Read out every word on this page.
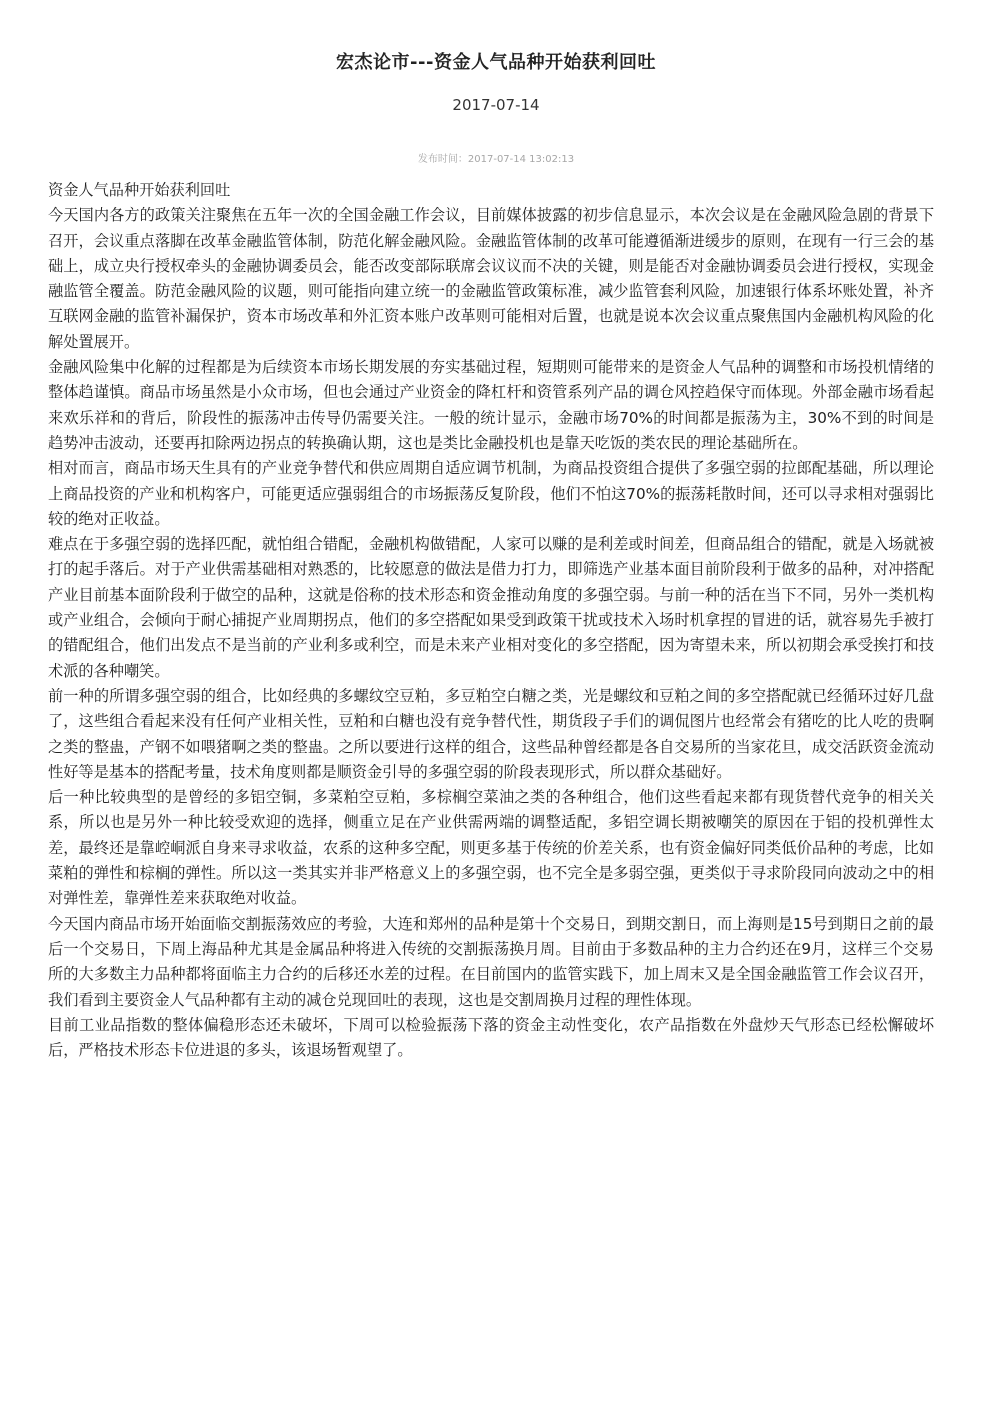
宏杰论市---资金人气品种开始获利回吐
2017-07-14
发布时间：2017-07-14 13:02:13

资金人气品种开始获利回吐

今天国内各方的政策关注聚焦在五年一次的全国金融工作会议，目前媒体披露的初步信息显示，本次会议是在金融风险急剧的背景下召开，会议重点落脚在改革金融监管体制，防范化解金融风险。金融监管体制的改革可能遵循渐进缓步的原则，在现有一行三会的基础上，成立央行授权牵头的金融协调委员会，能否改变部际联席会议议而不决的关键，则是能否对金融协调委员会进行授权，实现金融监管全覆盖。防范金融风险的议题，则可能指向建立统一的金融监管政策标准，减少监管套利风险，加速银行体系坏账处置，补齐互联网金融的监管补漏保护，资本市场改革和外汇资本账户改革则可能相对后置，也就是说本次会议重点聚焦国内金融机构风险的化解处置展开。

金融风险集中化解的过程都是为后续资本市场长期发展的夯实基础过程，短期则可能带来的是资金人气品种的调整和市场投机情绪的整体趋谨慎。商品市场虽然是小众市场，但也会通过产业资金的降杠杆和资管系列产品的调仓风控趋保守而体现。外部金融市场看起来欢乐祥和的背后，阶段性的振荡冲击传导仍需要关注。一般的统计显示，金融市场70%的时间都是振荡为主，30%不到的时间是趋势冲击波动，还要再扣除两边拐点的转换确认期，这也是类比金融投机也是靠天吃饭的类农民的理论基础所在。

相对而言，商品市场天生具有的产业竞争替代和供应周期自适应调节机制，为商品投资组合提供了多强空弱的拉郎配基础，所以理论上商品投资的产业和机构客户，可能更适应强弱组合的市场振荡反复阶段，他们不怕这70%的振荡耗散时间，还可以寻求相对强弱比较的绝对正收益。

难点在于多强空弱的选择匹配，就怕组合错配，金融机构做错配，人家可以赚的是利差或时间差，但商品组合的错配，就是入场就被打的起手落后。对于产业供需基础相对熟悉的，比较愿意的做法是借力打力，即筛选产业基本面目前阶段利于做多的品种，对冲搭配产业目前基本面阶段利于做空的品种，这就是俗称的技术形态和资金推动角度的多强空弱。与前一种的活在当下不同，另外一类机构或产业组合，会倾向于耐心捕捉产业周期拐点，他们的多空搭配如果受到政策干扰或技术入场时机拿捏的冒进的话，就容易先手被打的错配组合，他们出发点不是当前的产业利多或利空，而是未来产业相对变化的多空搭配，因为寄望未来，所以初期会承受挨打和技术派的各种嘲笑。

前一种的所谓多强空弱的组合，比如经典的多螺纹空豆粕，多豆粕空白糖之类，光是螺纹和豆粕之间的多空搭配就已经循环过好几盘了，这些组合看起来没有任何产业相关性，豆粕和白糖也没有竞争替代性，期货段子手们的调侃图片也经常会有猪吃的比人吃的贵啊之类的整蛊，产钢不如喂猪啊之类的整蛊。之所以要进行这样的组合，这些品种曾经都是各自交易所的当家花旦，成交活跃资金流动性好等是基本的搭配考量，技术角度则都是顺资金引导的多强空弱的阶段表现形式，所以群众基础好。

后一种比较典型的是曾经的多铝空铜，多菜粕空豆粕，多棕榈空菜油之类的各种组合，他们这些看起来都有现货替代竞争的相关关系，所以也是另外一种比较受欢迎的选择，侧重立足在产业供需两端的调整适配，多铝空调长期被嘲笑的原因在于铝的投机弹性太差，最终还是靠崆峒派自身来寻求收益，农系的这种多空配，则更多基于传统的价差关系，也有资金偏好同类低价品种的考虑，比如菜粕的弹性和棕榈的弹性。所以这一类其实并非严格意义上的多强空弱，也不完全是多弱空强，更类似于寻求阶段同向波动之中的相对弹性差，靠弹性差来获取绝对收益。

今天国内商品市场开始面临交割振荡效应的考验，大连和郑州的品种是第十个交易日，到期交割日，而上海则是15号到期日之前的最后一个交易日，下周上海品种尤其是金属品种将进入传统的交割振荡换月周。目前由于多数品种的主力合约还在9月，这样三个交易所的大多数主力品种都将面临主力合约的后移还水差的过程。在目前国内的监管实践下，加上周末又是全国金融监管工作会议召开，我们看到主要资金人气品种都有主动的减仓兑现回吐的表现，这也是交割周换月过程的理性体现。

目前工业品指数的整体偏稳形态还未破坏，下周可以检验振荡下落的资金主动性变化，农产品指数在外盘炒天气形态已经松懈破坏后，严格技术形态卡位进退的多头，该退场暂观望了。
